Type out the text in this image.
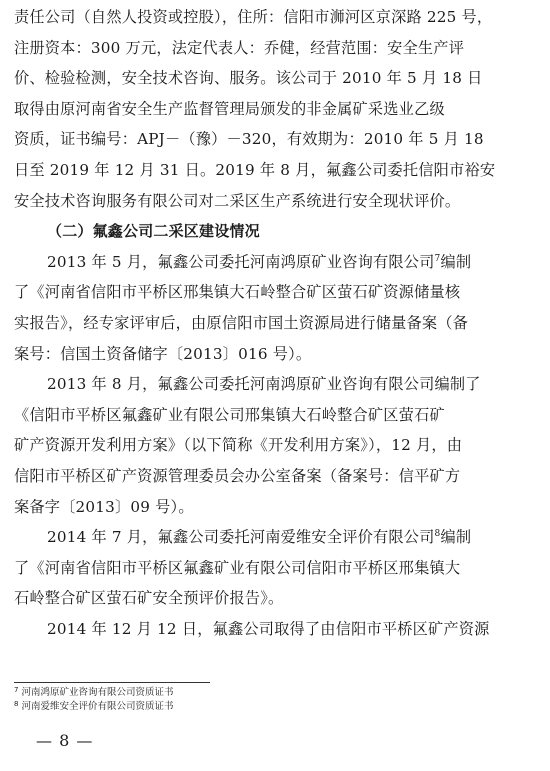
责任公司（自然人投资或控股），住所：信阳市浉河区京深路 225 号，
注册资本：300 万元，法定代表人：乔健，经营范围：安全生产评
价、检验检测，安全技术咨询、服务。该公司于 2010 年 5 月 18 日
取得由原河南省安全生产监督管理局颁发的非金属矿采选业乙级
资质，证书编号：APJ－（豫）－320，有效期为：2010 年 5 月 18
日至 2019 年 12 月 31 日。2019 年 8 月，氟鑫公司委托信阳市裕安
安全技术咨询服务有限公司对二采区生产系统进行安全现状评价。
（二）氟鑫公司二采区建设情况
2013 年 5 月，氟鑫公司委托河南鸿原矿业咨询有限公司$^7$编制
了《河南省信阳市平桥区邢集镇大石岭整合矿区萤石矿资源储量核
实报告》，经专家评审后，由原信阳市国土资源局进行储量备案（备
案号：信国土资备储字〔2013〕016 号）。
2013 年 8 月，氟鑫公司委托河南鸿原矿业咨询有限公司编制了
《信阳市平桥区氟鑫矿业有限公司邢集镇大石岭整合矿区萤石矿
矿产资源开发利用方案》（以下简称《开发利用方案》），12 月，由
信阳市平桥区矿产资源管理委员会办公室备案（备案号：信平矿方
案备字〔2013〕09 号）。
2014 年 7 月，氟鑫公司委托河南爱维安全评价有限公司$^8$编制
了《河南省信阳市平桥区氟鑫矿业有限公司信阳市平桥区邢集镇大
石岭整合矿区萤石矿安全预评价报告》。
2014 年 12 月 12 日，氟鑫公司取得了由信阳市平桥区矿产资源
$^7$ 河南鸿原矿业咨询有限公司资质证书
$^8$ 河南爱维安全评价有限公司资质证书
— 8 —
